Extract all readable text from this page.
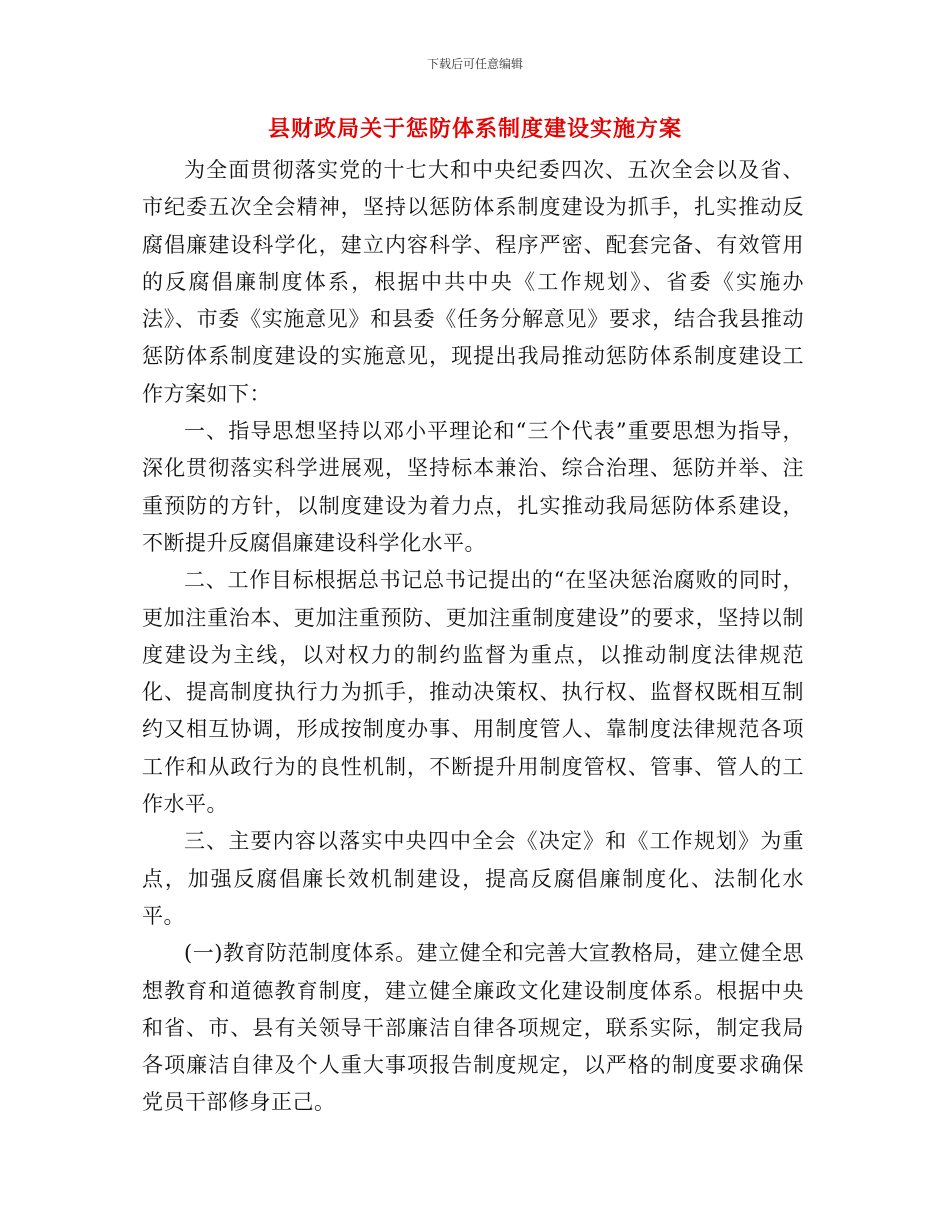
下载后可任意编辑
县财政局关于惩防体系制度建设实施方案

为全面贯彻落实党的十七大和中央纪委四次、五次全会以及省、市纪委五次全会精神，坚持以惩防体系制度建设为抓手，扎实推动反腐倡廉建设科学化，建立内容科学、程序严密、配套完备、有效管用的反腐倡廉制度体系，根据中共中央《工作规划》、省委《实施办法》、市委《实施意见》和县委《任务分解意见》要求，结合我县推动惩防体系制度建设的实施意见，现提出我局推动惩防体系制度建设工作方案如下：

一、指导思想坚持以邓小平理论和“三个代表”重要思想为指导，深化贯彻落实科学进展观，坚持标本兼治、综合治理、惩防并举、注重预防的方针，以制度建设为着力点，扎实推动我局惩防体系建设，不断提升反腐倡廉建设科学化水平。

二、工作目标根据总书记总书记提出的“在坚决惩治腐败的同时，更加注重治本、更加注重预防、更加注重制度建设”的要求，坚持以制度建设为主线，以对权力的制约监督为重点，以推动制度法律规范化、提高制度执行力为抓手，推动决策权、执行权、监督权既相互制约又相互协调，形成按制度办事、用制度管人、靠制度法律规范各项工作和从政行为的良性机制，不断提升用制度管权、管事、管人的工作水平。

三、主要内容以落实中央四中全会《决定》和《工作规划》为重点，加强反腐倡廉长效机制建设，提高反腐倡廉制度化、法制化水平。

(一)教育防范制度体系。建立健全和完善大宣教格局，建立健全思想教育和道德教育制度，建立健全廉政文化建设制度体系。根据中央和省、市、县有关领导干部廉洁自律各项规定，联系实际，制定我局各项廉洁自律及个人重大事项报告制度规定，以严格的制度要求确保党员干部修身正己。
